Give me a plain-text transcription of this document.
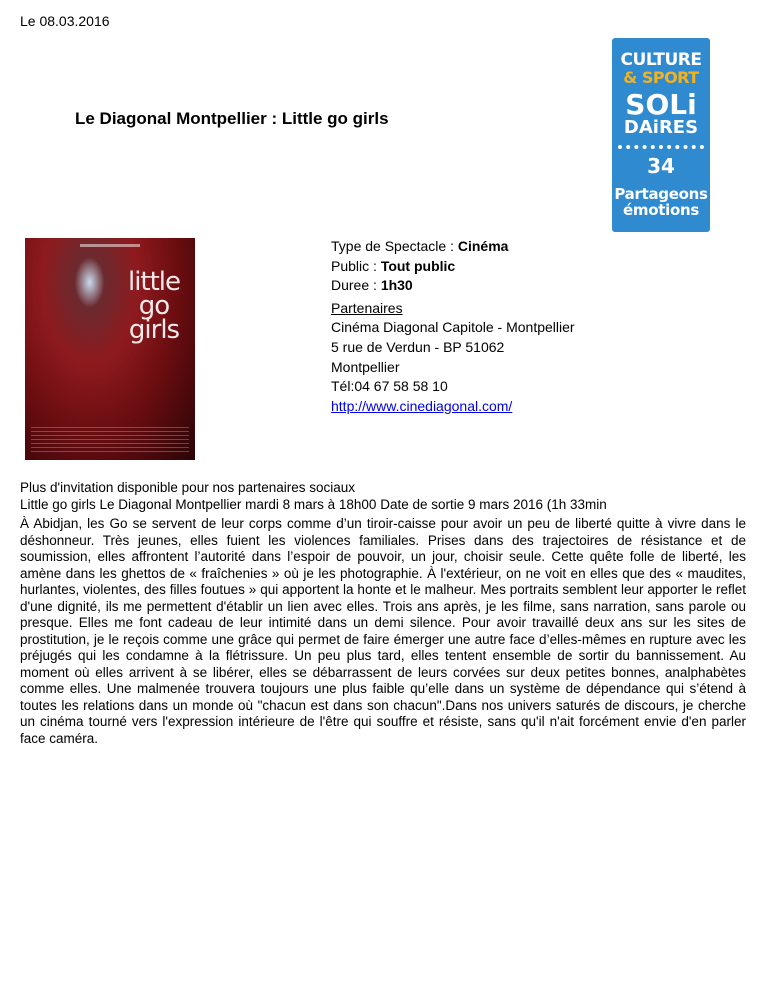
Le 08.03.2016
Le Diagonal Montpellier : Little go girls
CULTURE
& SPORT
SOLi
DAiRES
34
Partageons
émotions
little go girls
Type de Spectacle : Cinéma
Public : Tout public
Duree : 1h30
Partenaires
Cinéma Diagonal Capitole - Montpellier
5 rue de Verdun - BP 51062
Montpellier
Tél:04 67 58 58 10
http://www.cinediagonal.com/

Plus d'invitation disponible pour nos partenaires sociaux

Little go girls Le Diagonal Montpellier mardi 8 mars à 18h00 Date de sortie 9 mars 2016 (1h 33min

À Abidjan, les Go se servent de leur corps comme d’un tiroir-caisse pour avoir un peu de liberté quitte à vivre dans le déshonneur. Très jeunes, elles fuient les violences familiales. Prises dans des trajectoires de résistance et de soumission, elles affrontent l’autorité dans l’espoir de pouvoir, un jour, choisir seule. Cette quête folle de liberté, les amène dans les ghettos de « fraîchenies » où je les photographie. À l'extérieur, on ne voit en elles que des « maudites, hurlantes, violentes, des filles foutues » qui apportent la honte et le malheur. Mes portraits semblent leur apporter le reflet d'une dignité, ils me permettent d'établir un lien avec elles. Trois ans après, je les filme, sans narration, sans parole ou presque. Elles me font cadeau de leur intimité dans un demi silence. Pour avoir travaillé deux ans sur les sites de prostitution, je le reçois comme une grâce qui permet de faire émerger une autre face d’elles-mêmes en rupture avec les préjugés qui les condamne à la flétrissure. Un peu plus tard, elles tentent ensemble de sortir du bannissement. Au moment où elles arrivent à se libérer, elles se débarrassent de leurs corvées sur deux petites bonnes, analphabètes comme elles. Une malmenée trouvera toujours une plus faible qu’elle dans un système de dépendance qui s’étend à toutes les relations dans un monde où "chacun est dans son chacun".Dans nos univers saturés de discours, je cherche un cinéma tourné vers l'expression intérieure de l'être qui souffre et résiste, sans qu'il n'ait forcément envie d'en parler face caméra.
